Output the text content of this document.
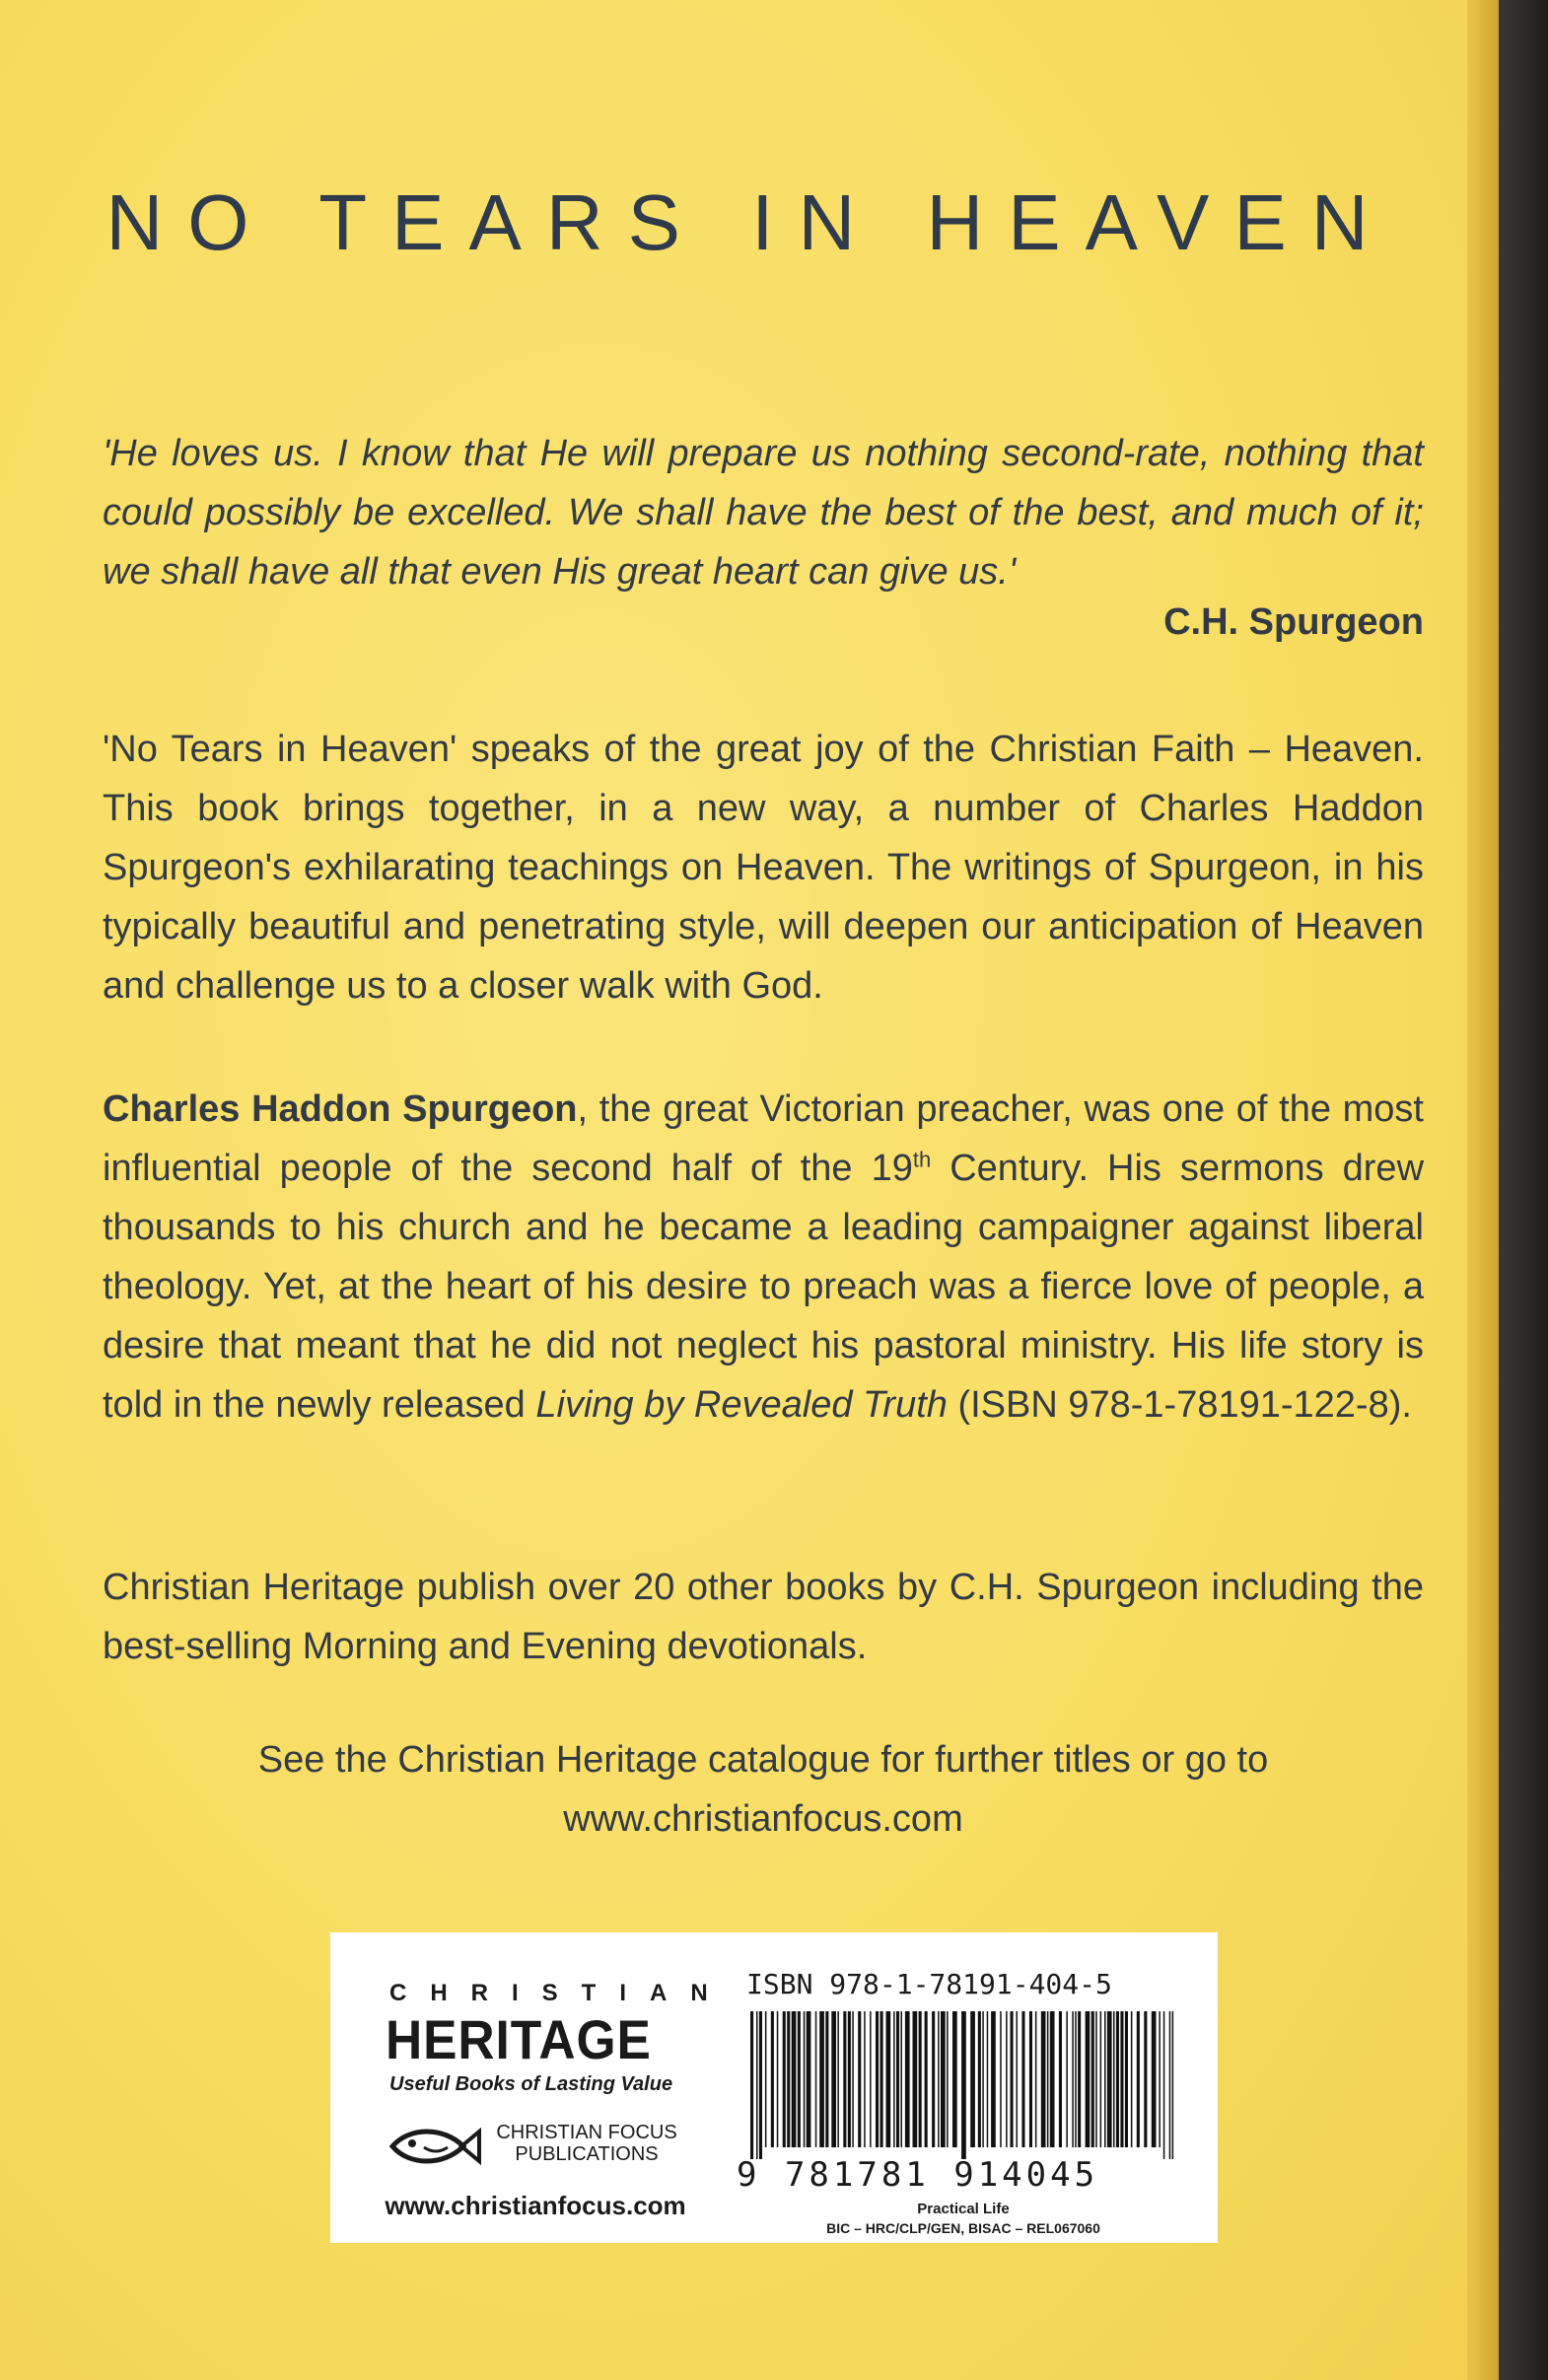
NO TEARS IN HEAVEN
'He loves us. I know that He will prepare us nothing second-rate, nothing that could possibly be excelled. We shall have the best of the best, and much of it; we shall have all that even His great heart can give us.'
C.H. Spurgeon
'No Tears in Heaven' speaks of the great joy of the Christian Faith – Heaven. This book brings together, in a new way, a number of Charles Haddon Spurgeon's exhilarating teachings on Heaven. The writings of Spurgeon, in his typically beautiful and penetrating style, will deepen our anticipation of Heaven and challenge us to a closer walk with God.
Charles Haddon Spurgeon, the great Victorian preacher, was one of the most influential people of the second half of the 19th Century. His sermons drew thousands to his church and he became a leading campaigner against liberal theology. Yet, at the heart of his desire to preach was a fierce love of people, a desire that meant that he did not neglect his pastoral ministry. His life story is told in the newly released Living by Revealed Truth (ISBN 978-1-78191-122-8).
Christian Heritage publish over 20 other books by C.H. Spurgeon including the best-selling Morning and Evening devotionals.
See the Christian Heritage catalogue for further titles or go to
www.christianfocus.com
CHRISTIAN
HERITAGE
Useful Books of Lasting Value
CHRISTIAN FOCUS
PUBLICATIONS
www.christianfocus.com
ISBN 978-1-78191-404-5
9 781781 914045
Practical Life
BIC – HRC/CLP/GEN, BISAC – REL067060
